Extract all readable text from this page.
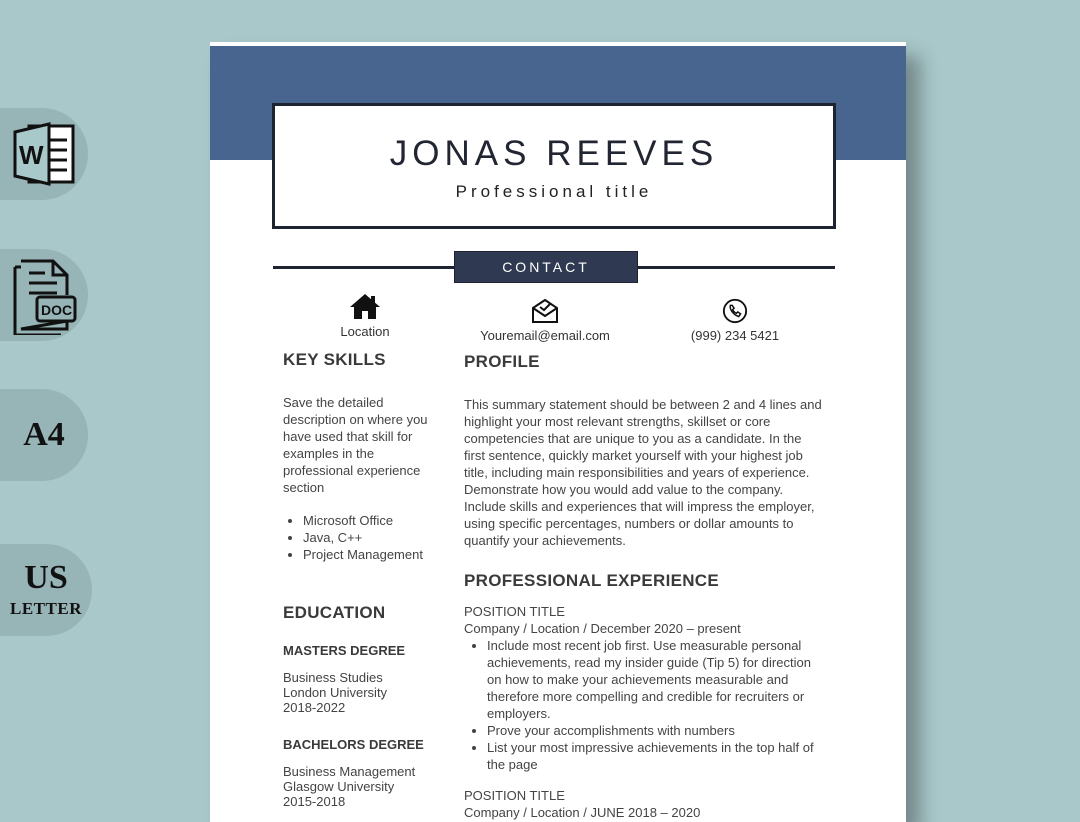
W
DOC
A4
US
LETTER
JONAS REEVES
Professional title
CONTACT
Location	Youremail@email.com	(999) 234 5421
KEY SKILLS

Save the detailed description on where you have used that skill for examples in the professional experience section

• Microsoft Office
• Java, C++
• Project Management
EDUCATION

MASTERS DEGREE

Business Studies
London University
2018-2022

BACHELORS DEGREE

Business Management
Glasgow University
2015-2018
PROFILE

This summary statement should be between 2 and 4 lines and highlight your most relevant strengths, skillset or core competencies that are unique to you as a candidate. In the first sentence, quickly market yourself with your highest job title, including main responsibilities and years of experience. Demonstrate how you would add value to the company. Include skills and experiences that will impress the employer, using specific percentages, numbers or dollar amounts to quantify your achievements.

PROFESSIONAL EXPERIENCE
POSITION TITLE
Company / Location / December 2020 – present
• Include most recent job first. Use measurable personal achievements, read my insider guide (Tip 5) for direction on how to make your achievements measurable and therefore more compelling and credible for recruiters or employers.
• Prove your accomplishments with numbers
• List your most impressive achievements in the top half of the page
POSITION TITLE
Company / Location / JUNE 2018 – 2020
